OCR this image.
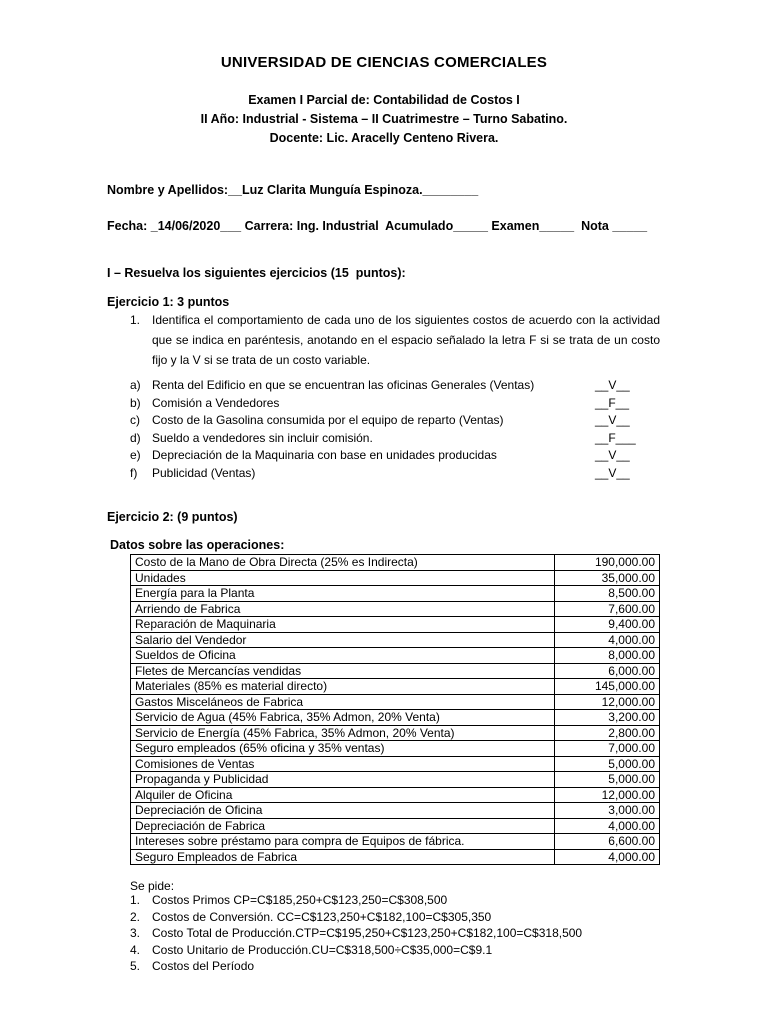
UNIVERSIDAD DE CIENCIAS COMERCIALES
Examen I Parcial de: Contabilidad de Costos I
II Año: Industrial - Sistema – II Cuatrimestre – Turno Sabatino.
Docente: Lic. Aracelly Centeno Rivera.
Nombre y Apellidos:__Luz Clarita Munguía Espinoza.________
Fecha: _14/06/2020___ Carrera: Ing. Industrial  Acumulado_____ Examen_____  Nota _____
I – Resuelva los siguientes ejercicios (15  puntos):
Ejercicio 1: 3 puntos
1. Identifica el comportamiento de cada uno de los siguientes costos de acuerdo con la actividad que se indica en paréntesis, anotando en el espacio señalado la letra F si se trata de un costo fijo y la V si se trata de un costo variable.
a) Renta del Edificio en que se encuentran las oficinas Generales (Ventas)	__V__
b) Comisión a Vendedores	__F__
c) Costo de la Gasolina consumida por el equipo de reparto (Ventas)	__V__
d) Sueldo a vendedores sin incluir comisión.	__F___
e) Depreciación de la Maquinaria con base en unidades producidas	__V__
f) Publicidad (Ventas)	__V__
Ejercicio 2: (9 puntos)
Datos sobre las operaciones:
Costo de la Mano de Obra Directa (25% es Indirecta)	190,000.00
Unidades	35,000.00
Energía para la Planta	8,500.00
Arriendo de Fabrica	7,600.00
Reparación de Maquinaria	9,400.00
Salario del Vendedor	4,000.00
Sueldos de Oficina	8,000.00
Fletes de Mercancías vendidas	6,000.00
Materiales (85% es material directo)	145,000.00
Gastos Misceláneos de Fabrica	12,000.00
Servicio de Agua (45% Fabrica, 35% Admon, 20% Venta)	3,200.00
Servicio de Energía (45% Fabrica, 35% Admon, 20% Venta)	2,800.00
Seguro empleados (65% oficina y 35% ventas)	7,000.00
Comisiones de Ventas	5,000.00
Propaganda y Publicidad	5,000.00
Alquiler de Oficina	12,000.00
Depreciación de Oficina	3,000.00
Depreciación de Fabrica	4,000.00
Intereses sobre préstamo para compra de Equipos de fábrica.	6,600.00
Seguro Empleados de Fabrica	4,000.00
Se pide:
1. Costos Primos CP=C$185,250+C$123,250=C$308,500
2. Costos de Conversión. CC=C$123,250+C$182,100=C$305,350
3. Costo Total de Producción.CTP=C$195,250+C$123,250+C$182,100=C$318,500
4. Costo Unitario de Producción.CU=C$318,500÷C$35,000=C$9.1
5. Costos del Período
